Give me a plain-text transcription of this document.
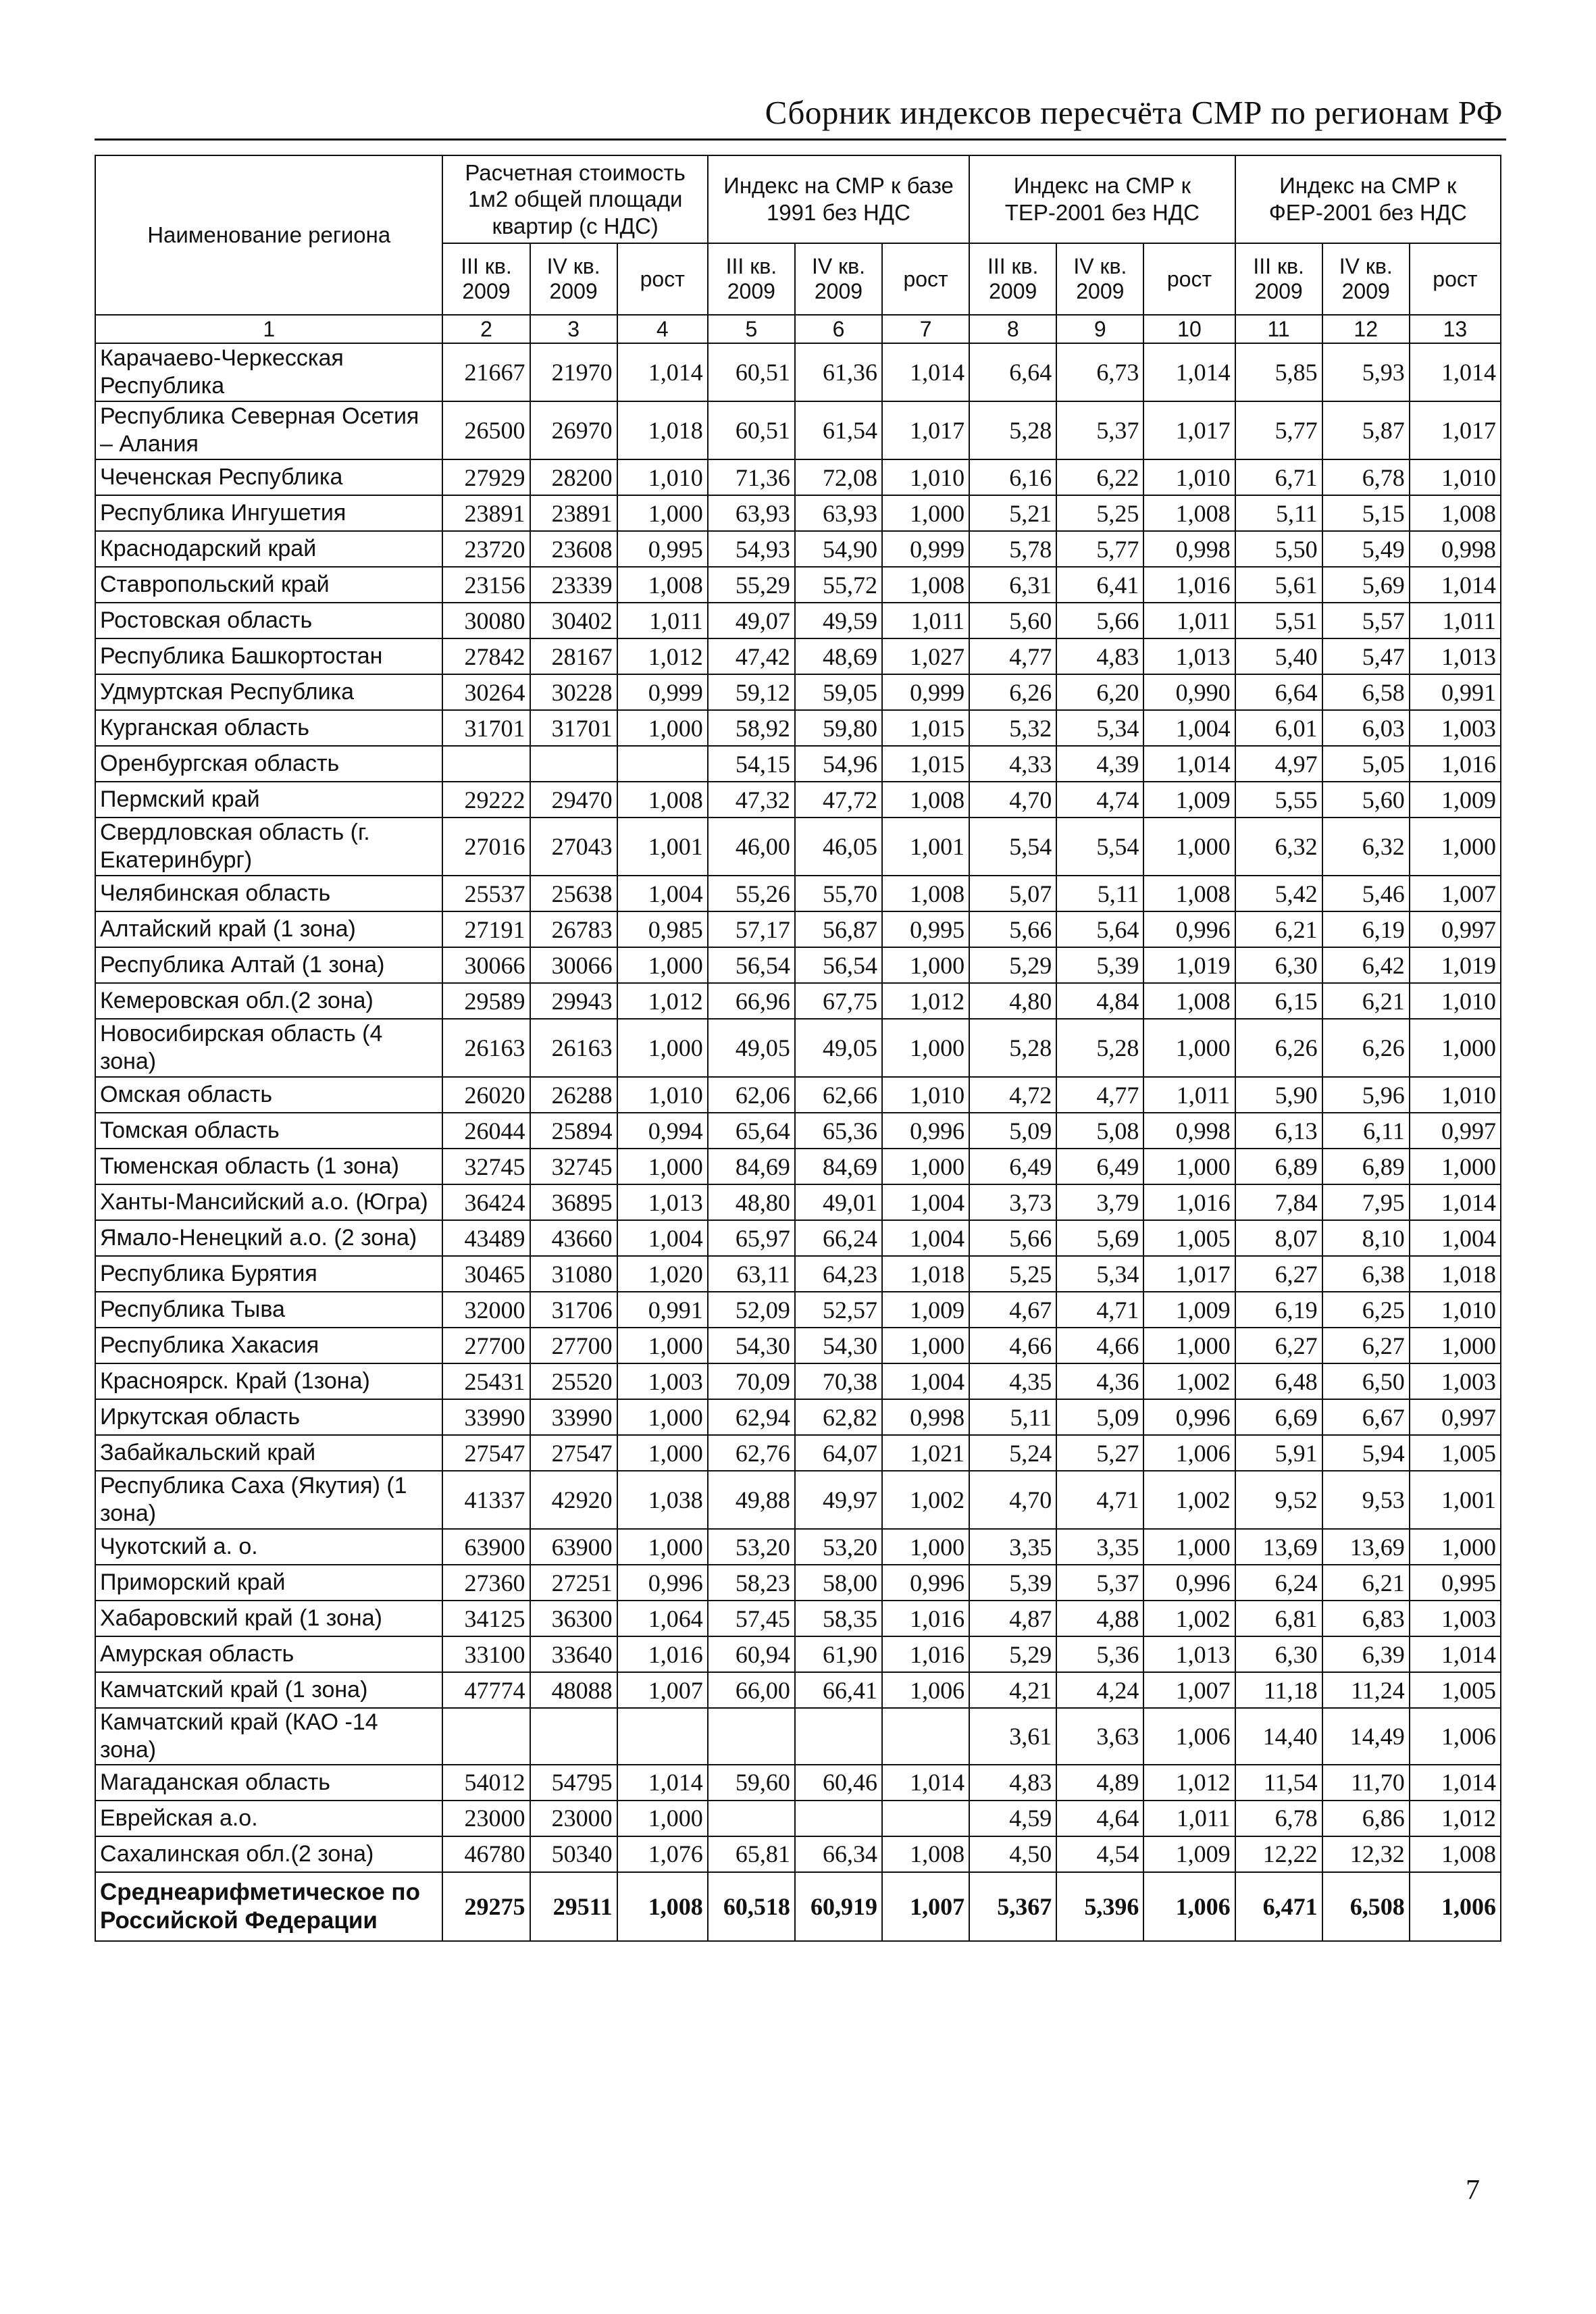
Сборник индексов пересчёта СМР по регионам РФ
Наименование региона	Расчетная стоимость 1м2 общей площади квартир (с НДС)			Индекс на СМР к базе 1991 без НДС			Индекс на СМР к ТЕР-2001 без НДС			Индекс на СМР к ФЕР-2001 без НДС		
	III кв. 2009	IV кв. 2009	рост	III кв. 2009	IV кв. 2009	рост	III кв. 2009	IV кв. 2009	рост	III кв. 2009	IV кв. 2009	рост
1	2	3	4	5	6	7	8	9	10	11	12	13
Карачаево-Черкесская Республика	21667	21970	1,014	60,51	61,36	1,014	6,64	6,73	1,014	5,85	5,93	1,014
Республика Северная Осетия – Алания	26500	26970	1,018	60,51	61,54	1,017	5,28	5,37	1,017	5,77	5,87	1,017
Чеченская Республика	27929	28200	1,010	71,36	72,08	1,010	6,16	6,22	1,010	6,71	6,78	1,010
Республика Ингушетия	23891	23891	1,000	63,93	63,93	1,000	5,21	5,25	1,008	5,11	5,15	1,008
Краснодарский край	23720	23608	0,995	54,93	54,90	0,999	5,78	5,77	0,998	5,50	5,49	0,998
Ставропольский край	23156	23339	1,008	55,29	55,72	1,008	6,31	6,41	1,016	5,61	5,69	1,014
Ростовская область	30080	30402	1,011	49,07	49,59	1,011	5,60	5,66	1,011	5,51	5,57	1,011
Республика Башкортостан	27842	28167	1,012	47,42	48,69	1,027	4,77	4,83	1,013	5,40	5,47	1,013
Удмуртская Республика	30264	30228	0,999	59,12	59,05	0,999	6,26	6,20	0,990	6,64	6,58	0,991
Курганская область	31701	31701	1,000	58,92	59,80	1,015	5,32	5,34	1,004	6,01	6,03	1,003
Оренбургская область				54,15	54,96	1,015	4,33	4,39	1,014	4,97	5,05	1,016
Пермский край	29222	29470	1,008	47,32	47,72	1,008	4,70	4,74	1,009	5,55	5,60	1,009
Свердловская область (г. Екатеринбург)	27016	27043	1,001	46,00	46,05	1,001	5,54	5,54	1,000	6,32	6,32	1,000
Челябинская область	25537	25638	1,004	55,26	55,70	1,008	5,07	5,11	1,008	5,42	5,46	1,007
Алтайский край (1 зона)	27191	26783	0,985	57,17	56,87	0,995	5,66	5,64	0,996	6,21	6,19	0,997
Республика Алтай (1 зона)	30066	30066	1,000	56,54	56,54	1,000	5,29	5,39	1,019	6,30	6,42	1,019
Кемеровская обл.(2 зона)	29589	29943	1,012	66,96	67,75	1,012	4,80	4,84	1,008	6,15	6,21	1,010
Новосибирская область (4 зона)	26163	26163	1,000	49,05	49,05	1,000	5,28	5,28	1,000	6,26	6,26	1,000
Омская область	26020	26288	1,010	62,06	62,66	1,010	4,72	4,77	1,011	5,90	5,96	1,010
Томская область	26044	25894	0,994	65,64	65,36	0,996	5,09	5,08	0,998	6,13	6,11	0,997
Тюменская область (1 зона)	32745	32745	1,000	84,69	84,69	1,000	6,49	6,49	1,000	6,89	6,89	1,000
Ханты-Мансийский а.о. (Югра)	36424	36895	1,013	48,80	49,01	1,004	3,73	3,79	1,016	7,84	7,95	1,014
Ямало-Ненецкий а.о. (2 зона)	43489	43660	1,004	65,97	66,24	1,004	5,66	5,69	1,005	8,07	8,10	1,004
Республика Бурятия	30465	31080	1,020	63,11	64,23	1,018	5,25	5,34	1,017	6,27	6,38	1,018
Республика Тыва	32000	31706	0,991	52,09	52,57	1,009	4,67	4,71	1,009	6,19	6,25	1,010
Республика Хакасия	27700	27700	1,000	54,30	54,30	1,000	4,66	4,66	1,000	6,27	6,27	1,000
Красноярск. Край (1зона)	25431	25520	1,003	70,09	70,38	1,004	4,35	4,36	1,002	6,48	6,50	1,003
Иркутская область	33990	33990	1,000	62,94	62,82	0,998	5,11	5,09	0,996	6,69	6,67	0,997
Забайкальский край	27547	27547	1,000	62,76	64,07	1,021	5,24	5,27	1,006	5,91	5,94	1,005
Республика Саха (Якутия) (1 зона)	41337	42920	1,038	49,88	49,97	1,002	4,70	4,71	1,002	9,52	9,53	1,001
Чукотский а. о.	63900	63900	1,000	53,20	53,20	1,000	3,35	3,35	1,000	13,69	13,69	1,000
Приморский край	27360	27251	0,996	58,23	58,00	0,996	5,39	5,37	0,996	6,24	6,21	0,995
Хабаровский край (1 зона)	34125	36300	1,064	57,45	58,35	1,016	4,87	4,88	1,002	6,81	6,83	1,003
Амурская область	33100	33640	1,016	60,94	61,90	1,016	5,29	5,36	1,013	6,30	6,39	1,014
Камчатский край (1 зона)	47774	48088	1,007	66,00	66,41	1,006	4,21	4,24	1,007	11,18	11,24	1,005
Камчатский край (КАО -14 зона)							3,61	3,63	1,006	14,40	14,49	1,006
Магаданская область	54012	54795	1,014	59,60	60,46	1,014	4,83	4,89	1,012	11,54	11,70	1,014
Еврейская а.о.	23000	23000	1,000				4,59	4,64	1,011	6,78	6,86	1,012
Сахалинская обл.(2 зона)	46780	50340	1,076	65,81	66,34	1,008	4,50	4,54	1,009	12,22	12,32	1,008
Среднеарифметическое по Российской Федерации	29275	29511	1,008	60,518	60,919	1,007	5,367	5,396	1,006	6,471	6,508	1,006
7
